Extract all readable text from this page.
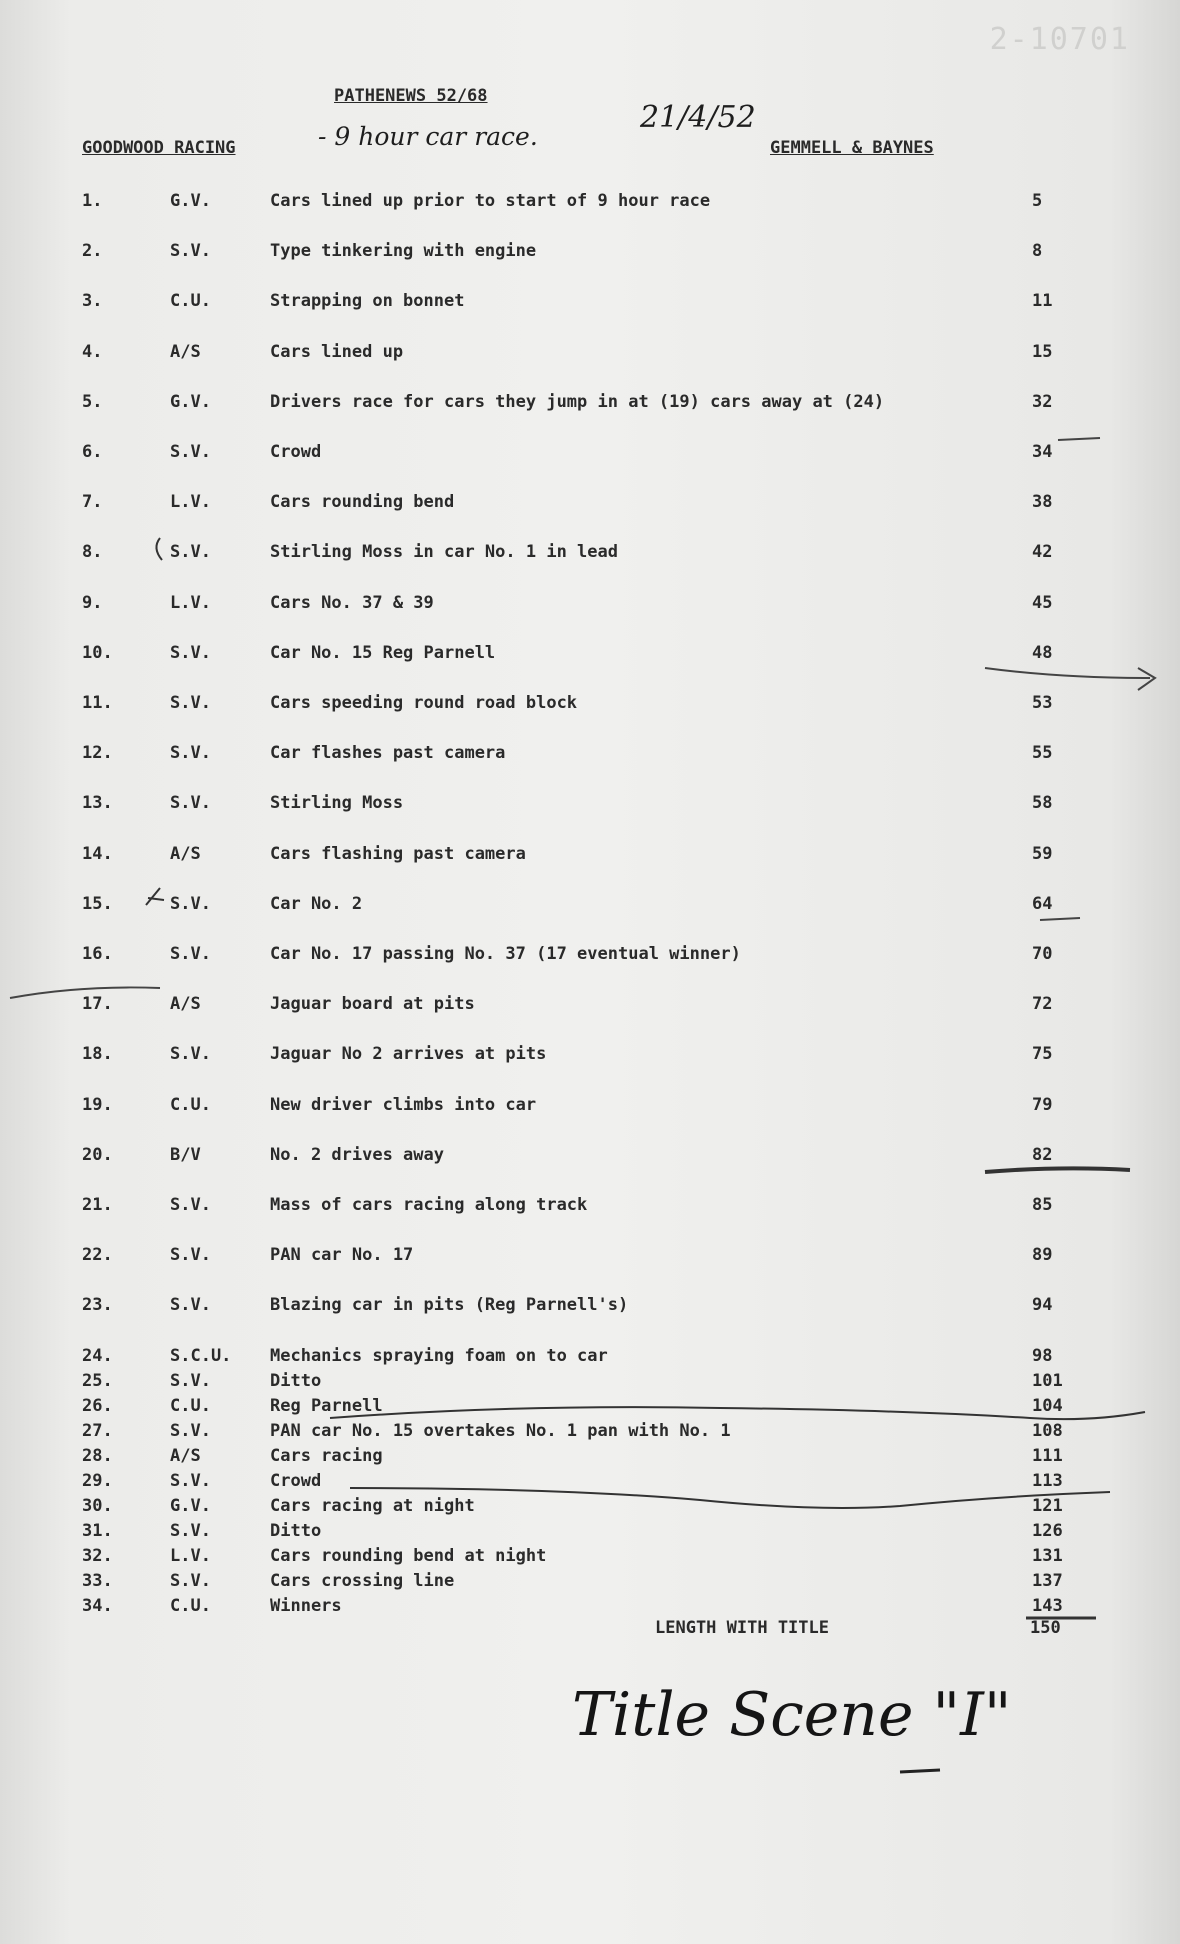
2-10701
PATHENEWS 52/68
GOODWOOD RACING	- 9 hour car race.
21/4/52
GEMMELL & BAYNES
1.	G.V.	Cars lined up prior to start of 9 hour race	5
2.	S.V.	Type tinkering with engine	8
3.	C.U.	Strapping on bonnet	11
4.	A/S	Cars lined up	15
5.	G.V.	Drivers race for cars they jump in at (19) cars away at (24)	32
6.	S.V.	Crowd	34
7.	L.V.	Cars rounding bend	38
8.	S.V.	Stirling Moss in car No. 1 in lead	42
9.	L.V.	Cars No. 37 & 39	45
10.	S.V.	Car No. 15 Reg Parnell	48
11.	S.V.	Cars speeding round road block	53
12.	S.V.	Car flashes past camera	55
13.	S.V.	Stirling Moss	58
14.	A/S	Cars flashing past camera	59
15.	S.V.	Car No. 2	64
16.	S.V.	Car No. 17 passing No. 37 (17 eventual winner)	70
17.	A/S	Jaguar board at pits	72
18.	S.V.	Jaguar No 2 arrives at pits	75
19.	C.U.	New driver climbs into car	79
20.	B/V	No. 2 drives away	82
21.	S.V.	Mass of cars racing along track	85
22.	S.V.	PAN car No. 17	89
23.	S.V.	Blazing car in pits (Reg Parnell's)	94
24.	S.C.U. Mechanics spraying foam on to car	98
25.	S.V.	Ditto	101
26.	C.U.	Reg Parnell	104
27.	S.V.	PAN car No. 15 overtakes No. 1 pan with No. 1	108
28.	A/S	Cars racing	111
29.	S.V.	Crowd	113
30.	G.V.	Cars racing at night	121
31.	S.V.	Ditto	126
32.	L.V.	Cars rounding bend at night	131
33.	S.V.	Cars crossing line	137
34.	C.U.	Winners	143
LENGTH WITH TITLE	150
Title Scene "I"
